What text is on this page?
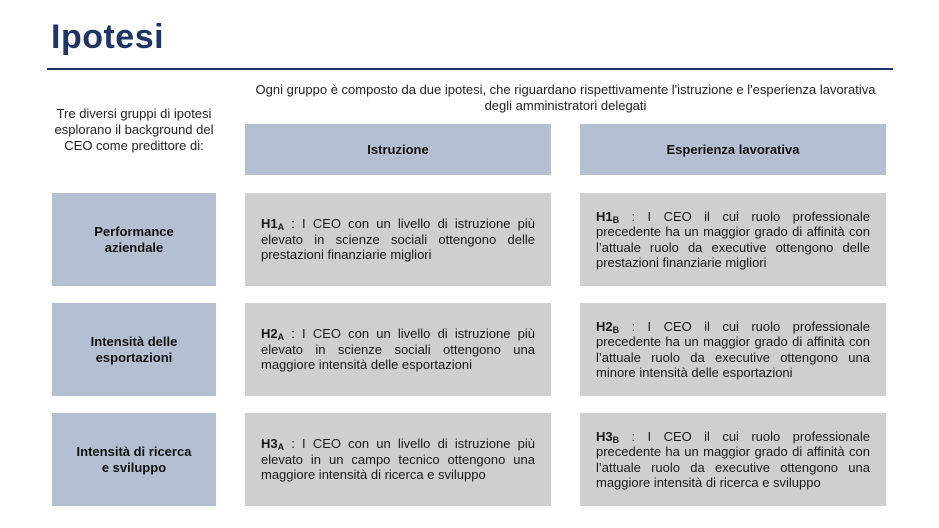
Ipotesi
Ogni gruppo è composto da due ipotesi, che riguardano rispettivamente l'istruzione e l'esperienza lavorativa degli amministratori delegati
Tre diversi gruppi di ipotesi esplorano il background del CEO come predittore di:	Istruzione	Esperienza lavorativa
Performance aziendale

$H1_A$ : I CEO con un livello di istruzione più elevato in scienze sociali ottengono delle prestazioni finanziarie migliori

$H1_B$ : I CEO il cui ruolo professionale precedente ha un maggior grado di affinità con l’attuale ruolo da executive ottengono delle prestazioni finanziarie migliori

Intensità delle esportazioni

$H2_A$ : I CEO con un livello di istruzione più elevato in scienze sociali ottengono una maggiore intensità delle esportazioni

$H2_B$ : I CEO il cui ruolo professionale precedente ha un maggior grado di affinità con l’attuale ruolo da executive ottengono una minore intensità delle esportazioni

Intensità di ricerca e sviluppo

$H3_A$ : I CEO con un livello di istruzione più elevato in un campo tecnico ottengono una maggiore intensità di ricerca e sviluppo

$H3_B$ : I CEO il cui ruolo professionale precedente ha un maggior grado di affinità con l’attuale ruolo da executive ottengono una maggiore intensità di ricerca e sviluppo
